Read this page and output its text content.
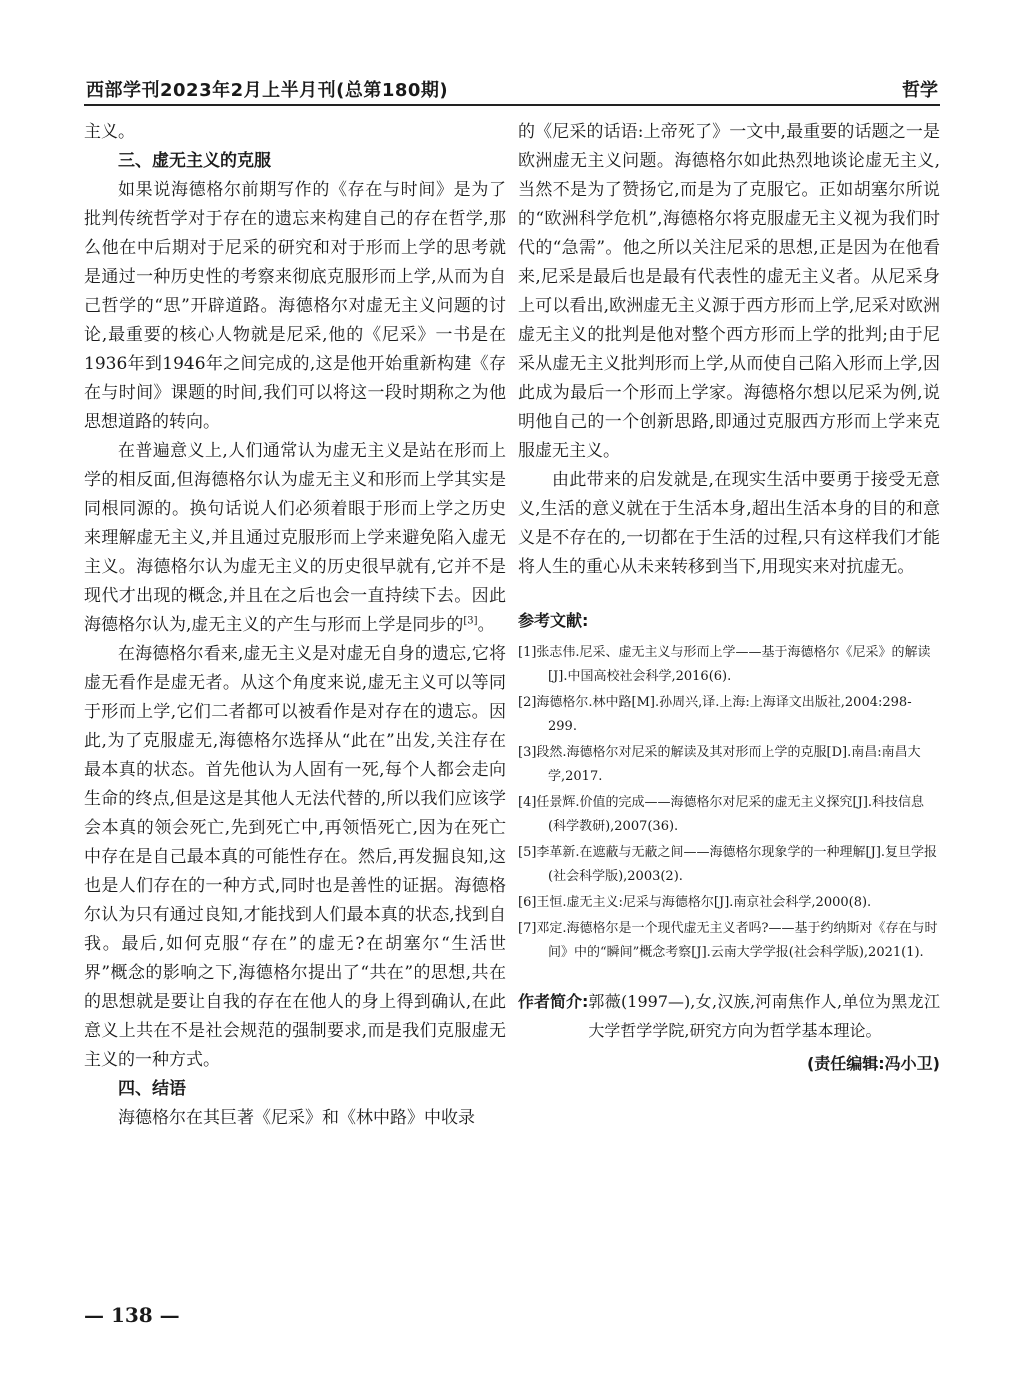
西部学刊2023年2月上半月刊(总第180期)	哲学

主义。

三、虚无主义的克服

如果说海德格尔前期写作的《存在与时间》是为了批判传统哲学对于存在的遗忘来构建自己的存在哲学,那么他在中后期对于尼采的研究和对于形而上学的思考就是通过一种历史性的考察来彻底克服形而上学,从而为自己哲学的“思”开辟道路。海德格尔对虚无主义问题的讨论,最重要的核心人物就是尼采,他的《尼采》一书是在1936年到1946年之间完成的,这是他开始重新构建《存在与时间》课题的时间,我们可以将这一段时期称之为他思想道路的转向。

在普遍意义上,人们通常认为虚无主义是站在形而上学的相反面,但海德格尔认为虚无主义和形而上学其实是同根同源的。换句话说人们必须着眼于形而上学之历史来理解虚无主义,并且通过克服形而上学来避免陷入虚无主义。海德格尔认为虚无主义的历史很早就有,它并不是现代才出现的概念,并且在之后也会一直持续下去。因此海德格尔认为,虚无主义的产生与形而上学是同步的[3]。

在海德格尔看来,虚无主义是对虚无自身的遗忘,它将虚无看作是虚无者。从这个角度来说,虚无主义可以等同于形而上学,它们二者都可以被看作是对存在的遗忘。因此,为了克服虚无,海德格尔选择从“此在”出发,关注存在最本真的状态。首先他认为人固有一死,每个人都会走向生命的终点,但是这是其他人无法代替的,所以我们应该学会本真的领会死亡,先到死亡中,再领悟死亡,因为在死亡中存在是自己最本真的可能性存在。然后,再发掘良知,这也是人们存在的一种方式,同时也是善性的证据。海德格尔认为只有通过良知,才能找到人们最本真的状态,找到自我。最后,如何克服“存在”的虚无?在胡塞尔“生活世界”概念的影响之下,海德格尔提出了“共在”的思想,共在的思想就是要让自我的存在在他人的身上得到确认,在此意义上共在不是社会规范的强制要求,而是我们克服虚无主义的一种方式。

四、结语

海德格尔在其巨著《尼采》和《林中路》中收录

的《尼采的话语:上帝死了》一文中,最重要的话题之一是欧洲虚无主义问题。海德格尔如此热烈地谈论虚无主义,当然不是为了赞扬它,而是为了克服它。正如胡塞尔所说的“欧洲科学危机”,海德格尔将克服虚无主义视为我们时代的“急需”。他之所以关注尼采的思想,正是因为在他看来,尼采是最后也是最有代表性的虚无主义者。从尼采身上可以看出,欧洲虚无主义源于西方形而上学,尼采对欧洲虚无主义的批判是他对整个西方形而上学的批判;由于尼采从虚无主义批判形而上学,从而使自己陷入形而上学,因此成为最后一个形而上学家。海德格尔想以尼采为例,说明他自己的一个创新思路,即通过克服西方形而上学来克服虚无主义。

由此带来的启发就是,在现实生活中要勇于接受无意义,生活的意义就在于生活本身,超出生活本身的目的和意义是不存在的,一切都在于生活的过程,只有这样我们才能将人生的重心从未来转移到当下,用现实来对抗虚无。

参考文献:
[1]张志伟.尼采、虚无主义与形而上学——基于海德格尔《尼采》的解读[J].中国高校社会科学,2016(6).
[2]海德格尔.林中路[M].孙周兴,译.上海:上海译文出版社,2004:298-299.
[3]段然.海德格尔对尼采的解读及其对形而上学的克服[D].南昌:南昌大学,2017.
[4]任景辉.价值的完成——海德格尔对尼采的虚无主义探究[J].科技信息(科学教研),2007(36).
[5]李革新.在遮蔽与无蔽之间——海德格尔现象学的一种理解[J].复旦学报(社会科学版),2003(2).
[6]王恒.虚无主义:尼采与海德格尔[J].南京社会科学,2000(8).
[7]邓定.海德格尔是一个现代虚无主义者吗?——基于约纳斯对《存在与时间》中的“瞬间”概念考察[J].云南大学学报(社会科学版),2021(1).
作者简介: 郭薇(1997—),女,汉族,河南焦作人,单位为黑龙江大学哲学学院,研究方向为哲学基本理论。
(责任编辑:冯小卫)
— 138 —
